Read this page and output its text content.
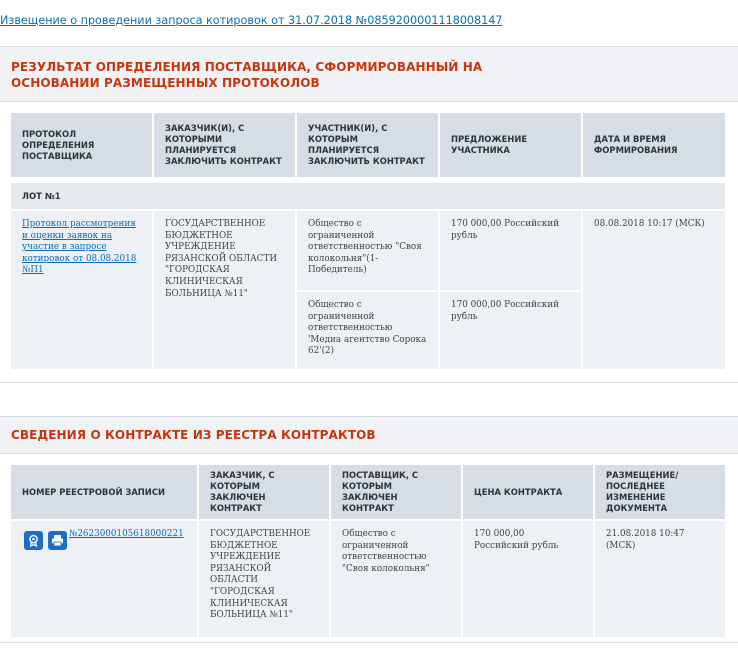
Извещение о проведении запроса котировок от 31.07.2018 №0859200001118008147
РЕЗУЛЬТАТ ОПРЕДЕЛЕНИЯ ПОСТАВЩИКА, СФОРМИРОВАННЫЙ НА ОСНОВАНИИ РАЗМЕЩЕННЫХ ПРОТОКОЛОВ
ПРОТОКОЛ ОПРЕДЕЛЕНИЯ ПОСТАВЩИКА
ЗАКАЗЧИК(И), С КОТОРЫМИ ПЛАНИРУЕТСЯ ЗАКЛЮЧИТЬ КОНТРАКТ
УЧАСТНИК(И), С КОТОРЫМ ПЛАНИРУЕТСЯ ЗАКЛЮЧИТЬ КОНТРАКТ
ПРЕДЛОЖЕНИЕ УЧАСТНИКА
ДАТА И ВРЕМЯ ФОРМИРОВАНИЯ
ЛОТ №1
Протокол рассмотрения и оценки заявок на участие в запросе котировок от 08.08.2018 №П1
ГОСУДАРСТВЕННОЕ БЮДЖЕТНОЕ УЧРЕЖДЕНИЕ РЯЗАНСКОЙ ОБЛАСТИ "ГОРОДСКАЯ КЛИНИЧЕСКАЯ БОЛЬНИЦА №11"
Общество с ограниченной ответственностью "Своя колокольня"(1-Победитель)
170 000,00 Российский рубль
Общество с ограниченной ответственностью 'Медиа агентство Сорока 62'(2)
170 000,00 Российский рубль
08.08.2018 10:17 (МСК)
СВЕДЕНИЯ О КОНТРАКТЕ ИЗ РЕЕСТРА КОНТРАКТОВ
НОМЕР РЕЕСТРОВОЙ ЗАПИСИ
ЗАКАЗЧИК, С КОТОРЫМ ЗАКЛЮЧЕН КОНТРАКТ
ПОСТАВЩИК, С КОТОРЫМ ЗАКЛЮЧЕН КОНТРАКТ
ЦЕНА КОНТРАКТА
РАЗМЕЩЕНИЕ/ ПОСЛЕДНЕЕ ИЗМЕНЕНИЕ ДОКУМЕНТА
№2623000105618000221	ГОСУДАРСТВЕННОЕ БЮДЖЕТНОЕ УЧРЕЖДЕНИЕ РЯЗАНСКОЙ ОБЛАСТИ "ГОРОДСКАЯ КЛИНИЧЕСКАЯ БОЛЬНИЦА №11"
Общество с ограниченной ответственностью "Своя колокольня"
170 000,00 Российский рубль
21.08.2018 10:47 (МСК)
